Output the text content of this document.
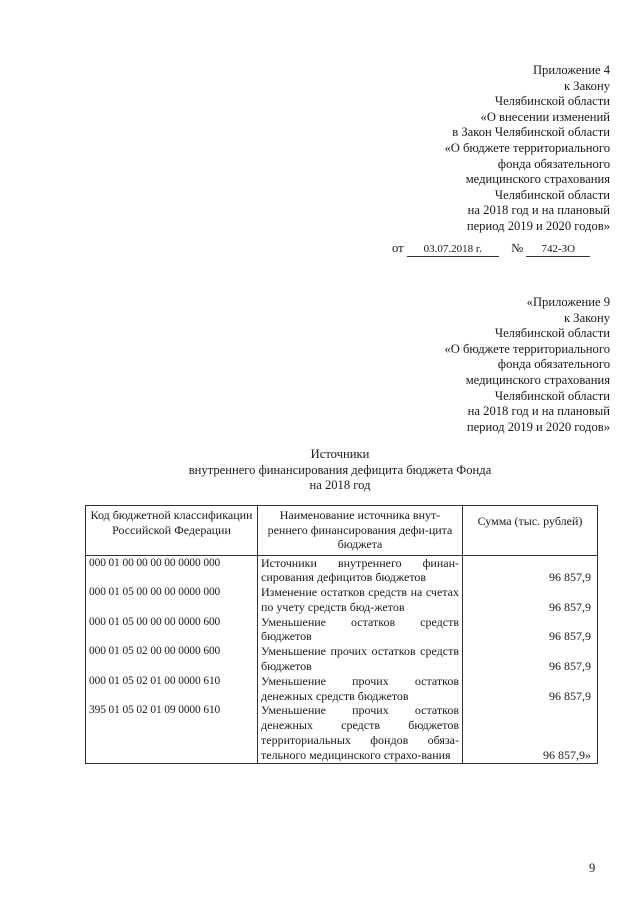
Приложение 4
к Закону
Челябинской области
«О внесении изменений
в Закон Челябинской области
«О бюджете территориального
фонда обязательного
медицинского страхования
Челябинской области
на 2018 год и на плановый
период 2019 и 2020 годов»
от 03.07.2018 г. № 742-ЗО
«Приложение 9
к Закону
Челябинской области
«О бюджете территориального
фонда обязательного
медицинского страхования
Челябинской области
на 2018 год и на плановый
период 2019 и 2020 годов»
Источники
внутреннего финансирования дефицита бюджета Фонда
на 2018 год
Код бюджетной классификации Российской Федерации	Наименование источника внут-реннего финансирования дефи-цита бюджета	Сумма (тыс. рублей)
000 01 00 00 00 00 0000 000	Источники внутреннего финан-сирования дефицитов бюджетов	96 857,9
000 01 05 00 00 00 0000 000	Изменение остатков средств на счетах по учету средств бюд-жетов	96 857,9
000 01 05 00 00 00 0000 600	Уменьшение остатков средств бюджетов	96 857,9
000 01 05 02 00 00 0000 600	Уменьшение прочих остатков средств бюджетов	96 857,9
000 01 05 02 01 00 0000 610	Уменьшение прочих остатков денежных средств бюджетов	96 857,9
395 01 05 02 01 09 0000 610	Уменьшение прочих остатков денежных средств бюджетов территориальных фондов обяза-тельного медицинского страхо-вания	96 857,9»
9
